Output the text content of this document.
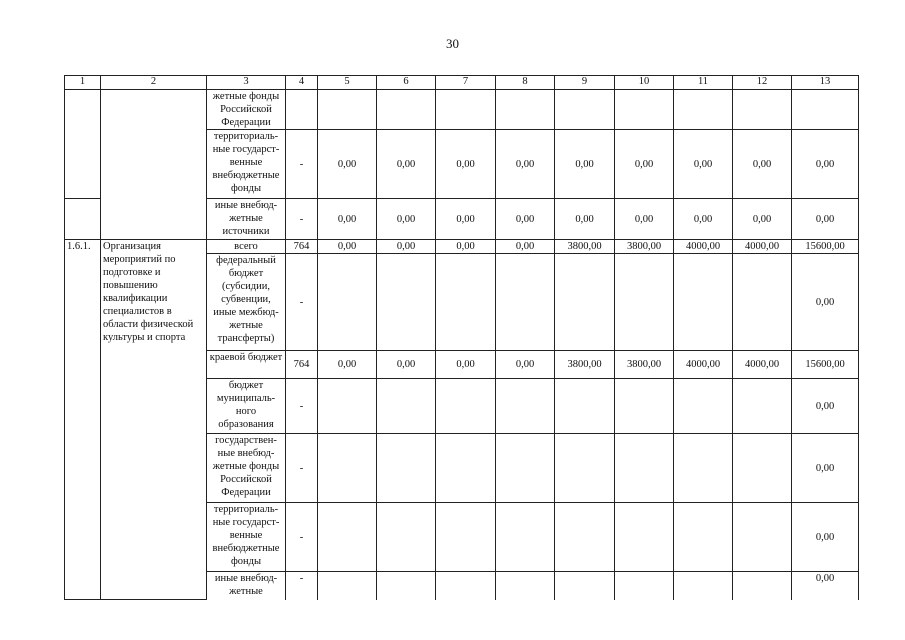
30
1	2	3	4	5	6	7	8	9	10	11	12	13
		жетные фонды Российской Федерации										
		территориаль-ные государст-венные внебюджетные фонды	-	0,00	0,00	0,00	0,00	0,00	0,00	0,00	0,00	0,00
		иные внебюд-жетные источники	-	0,00	0,00	0,00	0,00	0,00	0,00	0,00	0,00	0,00
1.6.1.	Организация мероприятий по подготовке и повышению квалификации специалистов в области физической культуры и спорта	всего	764	0,00	0,00	0,00	0,00	3800,00	3800,00	4000,00	4000,00	15600,00
		федеральный бюджет (субсидии, субвенции, иные межбюд-жетные трансферты)	-									0,00
		краевой бюджет	764	0,00	0,00	0,00	0,00	3800,00	3800,00	4000,00	4000,00	15600,00
		бюджет муниципаль-ного образования	-									0,00
		государствен-ные внебюд-жетные фонды Российской Федерации	-									0,00
		территориаль-ные государст-венные внебюджетные фонды	-									0,00
		иные внебюд-жетные	-									0,00
